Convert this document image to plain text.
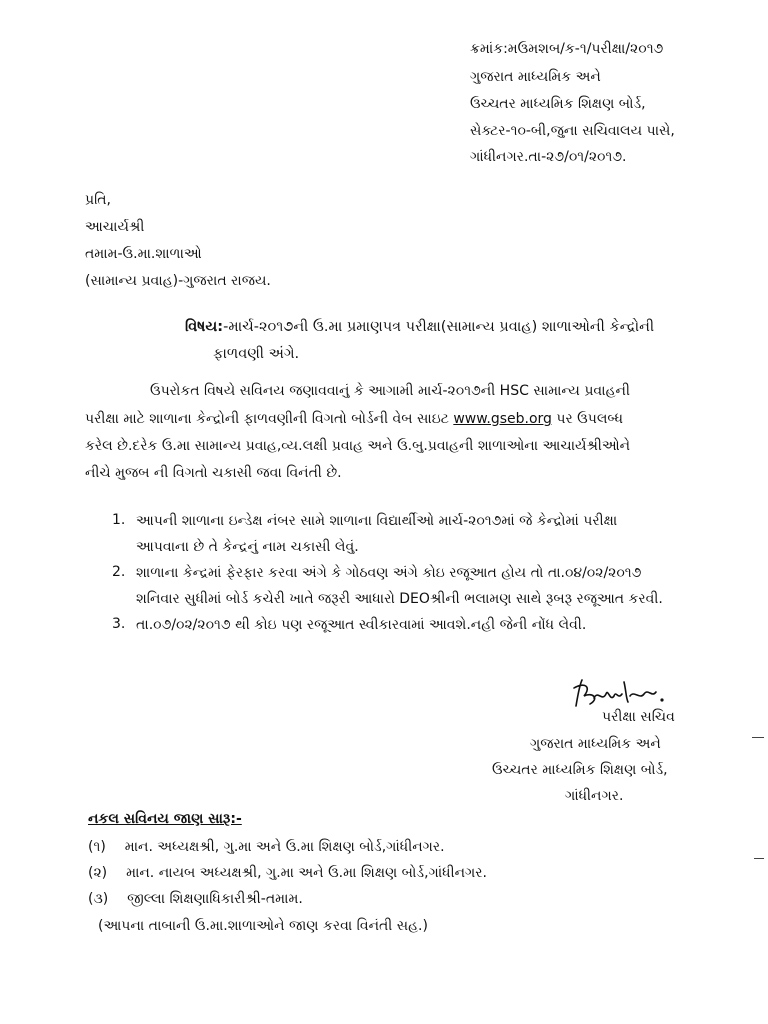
ક્રમાંક:મઉમશબ/ક-૧/પરીક્ષા/૨૦૧૭
ગુજરાત માધ્યમિક અને
ઉચ્ચતર માધ્યમિક શિક્ષણ બોર્ડ,
સેક્ટર-૧૦-બી,જુના સચિવાલય પાસે,
ગાંધીનગર.તા-૨૭/૦૧/૨૦૧૭.
પ્રતિ,
આચાર્યશ્રી
તમામ-ઉ.મા.શાળાઓ
(સામાન્ય પ્રવાહ)-ગુજરાત રાજય.
વિષય:-માર્ચ-૨૦૧૭ની ઉ.મા પ્રમાણપત્ર પરીક્ષા(સામાન્ય પ્રવાહ) શાળાઓની કેન્દ્રોની
ફાળવણી અંગે.
ઉપરોકત વિષયે સવિનય જણાવવાનું કે આગામી માર્ચ-૨૦૧૭ની HSC સામાન્ય પ્રવાહની
પરીક્ષા માટે શાળાના કેન્દ્રોની ફાળવણીની વિગતો બોર્ડની વેબ સાઇટ www.gseb.org પર ઉપલબ્ધ
કરેલ છે.દરેક ઉ.મા સામાન્ય પ્રવાહ,વ્ય.લક્ષી પ્રવાહ અને ઉ.બુ.પ્રવાહની શાળાઓના આચાર્યશ્રીઓને
નીચે મુજબ ની વિગતો ચકાસી જવા વિનંતી છે.
1. આપની શાળાના ઇન્ડેક્ષ નંબર સામે શાળાના વિદ્યાર્થીઓ માર્ચ-૨૦૧૭માં જે કેન્દ્રોમાં પરીક્ષા
આપવાના છે તે કેન્દ્રનું નામ ચકાસી લેવું.
2. શાળાના કેન્દ્રમાં ફેરફાર કરવા અંગે કે ગોઠવણ અંગે કોઇ રજૂઆત હોય તો તા.૦૪/૦૨/૨૦૧૭
શનિવાર સુધીમાં બોર્ડ કચેરી ખાતે જરૂરી આધારો DEOશ્રીની ભલામણ સાથે રૂબરૂ રજૂઆત કરવી.
3. તા.૦૭/૦૨/૨૦૧૭ થી કોઇ પણ રજૂઆત સ્વીકારવામાં આવશે.નહી જેની નોંધ લેવી.
પરીક્ષા સચિવ
ગુજરાત માધ્યમિક અને
ઉચ્ચતર માધ્યમિક શિક્ષણ બોર્ડ,
ગાંધીનગર.
નકલ સવિનય જાણ સારૂ:-
(૧) માન. અધ્યક્ષશ્રી, ગુ.મા અને ઉ.મા શિક્ષણ બોર્ડ,ગાંધીનગર.
(૨) માન. નાયબ અધ્યક્ષશ્રી, ગુ.મા અને ઉ.મા શિક્ષણ બોર્ડ,ગાંધીનગર.
(૩) જીલ્લા શિક્ષણાધિકારીશ્રી-તમામ.
(આપના તાબાની ઉ.મા.શાળાઓને જાણ કરવા વિનંતી સહ.)
